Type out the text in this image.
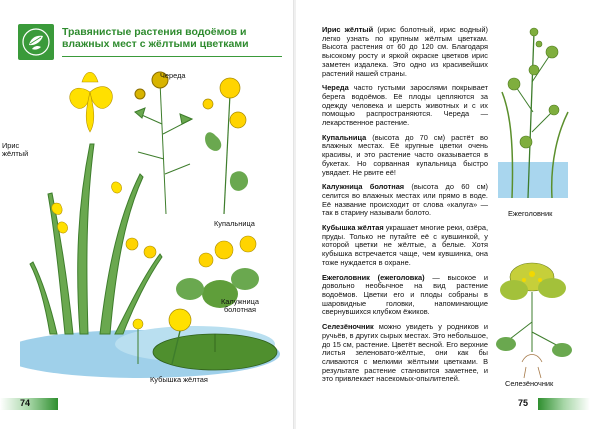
Травянистые растения водоёмов и влажных мест с жёлтыми цветками
Ирис жёлтый
Череда
Купальница
Калужница болотная
Кубышка жёлтая
74

Ирис жёлтый (ирис болотный, ирис водный) легко узнать по крупным жёлтым цветкам. Высота растения от 60 до 120 см. Благодаря высокому росту и яркой окраске цветков ирис заметен издалека. Это одно из красивейших растений нашей страны.

Череда часто густыми зарослями покрывает берега водоёмов. Её плоды цепляются за одежду человека и шерсть животных и с их помощью распространяются. Череда — лекарственное растение.

Купальница (высота до 70 см) растёт во влажных местах. Её крупные цветки очень красивы, и это растение часто оказывается в букетах. Но сорванная купальница быстро увядает. Не рвите её!

Калужница болотная (высота до 60 см) селится во влажных местах или прямо в воде. Её название происходит от слова «калуга» — так в старину называли болото.

Кубышка жёлтая украшает многие реки, озёра, пруды. Только не путайте её с кувшинкой, у которой цветки не жёлтые, а белые. Хотя кубышка встречается чаще, чем кувшинка, она тоже нуждается в охране.

Ежеголовник (ежеголовка) — высокое и довольно необычное на вид растение водоёмов. Цветки его и плоды собраны в шаровидные головки, напоминающие свернувшихся клубком ёжиков.

Селезёночник можно увидеть у родников и ручьёв, в других сырых местах. Это небольшое, до 15 см, растение. Цветёт весной. Его верхние листья зеленовато-жёлтые, они как бы сливаются с мелкими жёлтыми цветками. В результате растение становится заметнее, и это привлекает насекомых-опылителей.

Ежеголовник
Селезёночник
75
